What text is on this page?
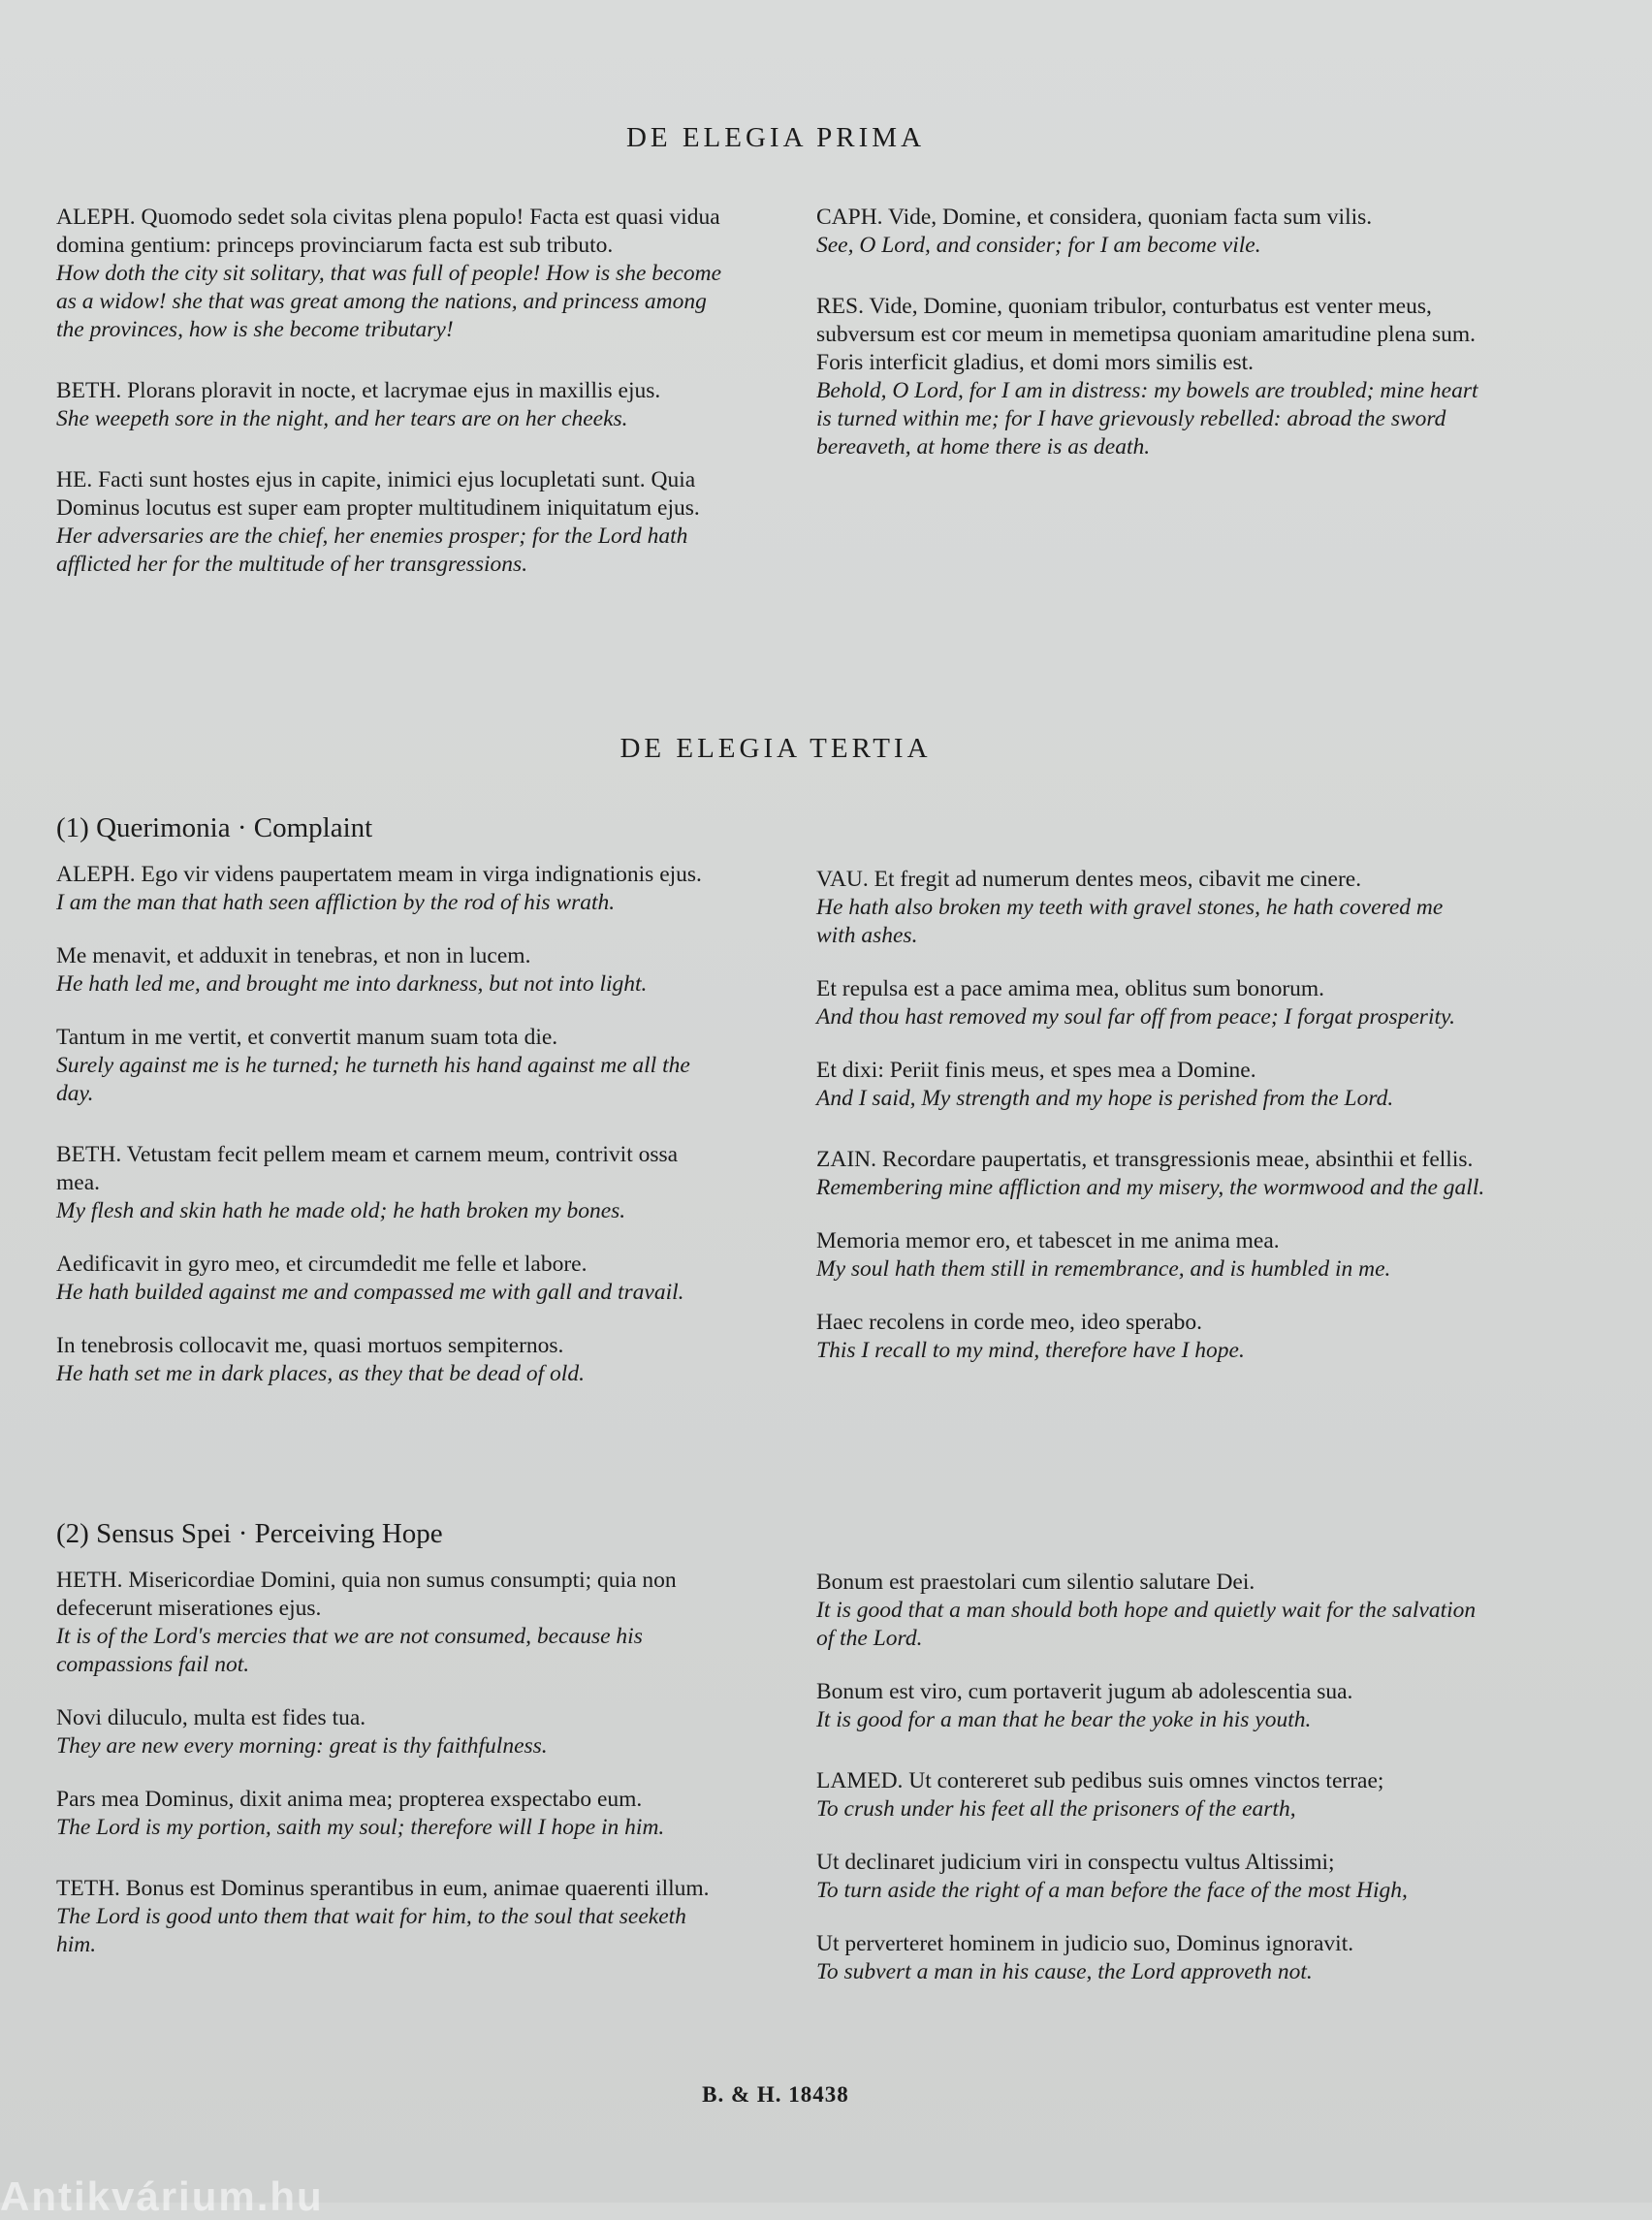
DE ELEGIA PRIMA
ALEPH. Quomodo sedet sola civitas plena populo! Facta est quasi vidua domina gentium: princeps provinciarum facta est sub tributo.
How doth the city sit solitary, that was full of people! How is she become as a widow! she that was great among the nations, and princess among the provinces, how is she become tributary!
BETH. Plorans ploravit in nocte, et lacrymae ejus in maxillis ejus.
She weepeth sore in the night, and her tears are on her cheeks.
HE. Facti sunt hostes ejus in capite, inimici ejus locupletati sunt. Quia Dominus locutus est super eam propter multitudinem iniquitatum ejus.
Her adversaries are the chief, her enemies prosper; for the Lord hath afflicted her for the multitude of her transgressions.
CAPH. Vide, Domine, et considera, quoniam facta sum vilis.
See, O Lord, and consider; for I am become vile.
RES. Vide, Domine, quoniam tribulor, conturbatus est venter meus, subversum est cor meum in memetipsa quoniam amaritudine plena sum. Foris interficit gladius, et domi mors similis est.
Behold, O Lord, for I am in distress: my bowels are troubled; mine heart is turned within me; for I have grievously rebelled: abroad the sword bereaveth, at home there is as death.
DE ELEGIA TERTIA
(1) Querimonia · Complaint
ALEPH. Ego vir videns paupertatem meam in virga indignationis ejus.
I am the man that hath seen affliction by the rod of his wrath.
Me menavit, et adduxit in tenebras, et non in lucem.
He hath led me, and brought me into darkness, but not into light.
Tantum in me vertit, et convertit manum suam tota die.
Surely against me is he turned; he turneth his hand against me all the day.
BETH. Vetustam fecit pellem meam et carnem meum, contrivit ossa mea.
My flesh and skin hath he made old; he hath broken my bones.
Aedificavit in gyro meo, et circumdedit me felle et labore.
He hath builded against me and compassed me with gall and travail.
In tenebrosis collocavit me, quasi mortuos sempiternos.
He hath set me in dark places, as they that be dead of old.
VAU. Et fregit ad numerum dentes meos, cibavit me cinere.
He hath also broken my teeth with gravel stones, he hath covered me with ashes.
Et repulsa est a pace amima mea, oblitus sum bonorum.
And thou hast removed my soul far off from peace; I forgat prosperity.
Et dixi: Periit finis meus, et spes mea a Domine.
And I said, My strength and my hope is perished from the Lord.
ZAIN. Recordare paupertatis, et transgressionis meae, absinthii et fellis.
Remembering mine affliction and my misery, the wormwood and the gall.
Memoria memor ero, et tabescet in me anima mea.
My soul hath them still in remembrance, and is humbled in me.
Haec recolens in corde meo, ideo sperabo.
This I recall to my mind, therefore have I hope.
(2) Sensus Spei · Perceiving Hope
HETH. Misericordiae Domini, quia non sumus consumpti; quia non defecerunt miserationes ejus.
It is of the Lord's mercies that we are not consumed, because his compassions fail not.
Novi diluculo, multa est fides tua.
They are new every morning: great is thy faithfulness.
Pars mea Dominus, dixit anima mea; propterea exspectabo eum.
The Lord is my portion, saith my soul; therefore will I hope in him.
TETH. Bonus est Dominus sperantibus in eum, animae quaerenti illum.
The Lord is good unto them that wait for him, to the soul that seeketh him.
Bonum est praestolari cum silentio salutare Dei.
It is good that a man should both hope and quietly wait for the salvation of the Lord.
Bonum est viro, cum portaverit jugum ab adolescentia sua.
It is good for a man that he bear the yoke in his youth.
LAMED. Ut contereret sub pedibus suis omnes vinctos terrae;
To crush under his feet all the prisoners of the earth,
Ut declinaret judicium viri in conspectu vultus Altissimi;
To turn aside the right of a man before the face of the most High,
Ut perverteret hominem in judicio suo, Dominus ignoravit.
To subvert a man in his cause, the Lord approveth not.
B. & H. 18438
Antikvárium.hu
